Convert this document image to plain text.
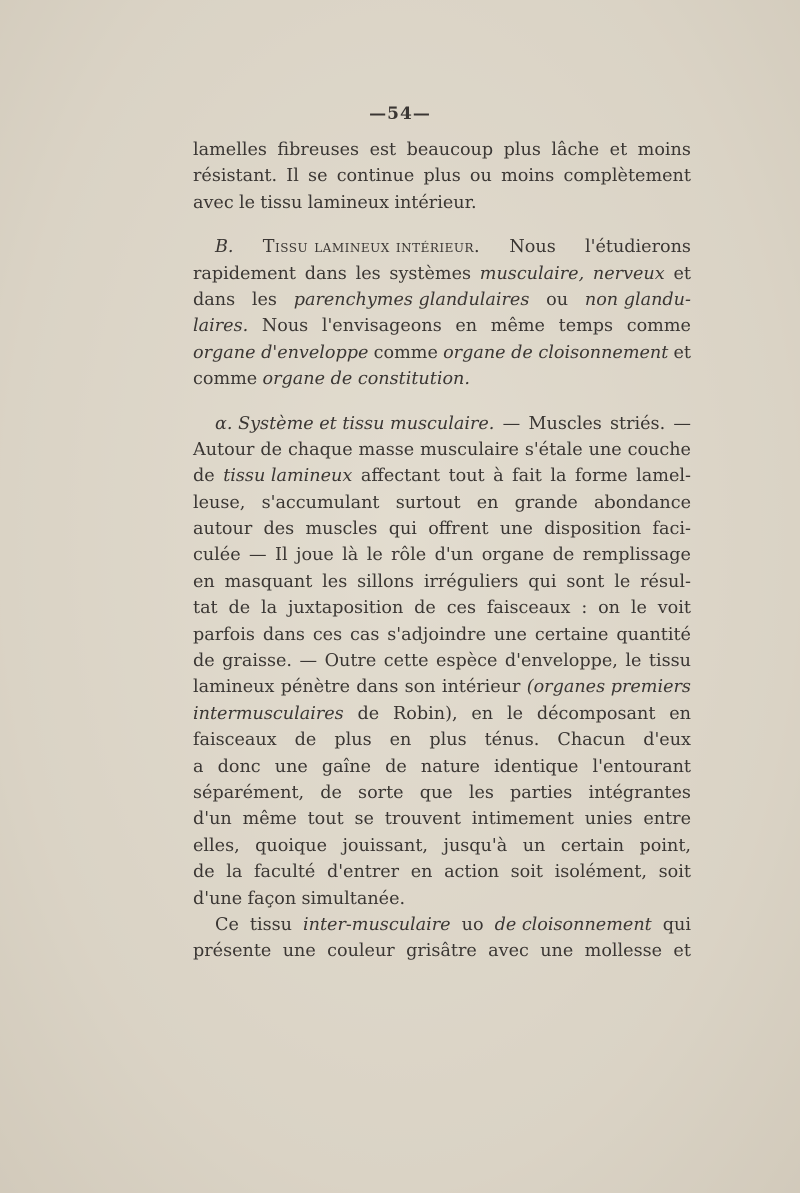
—54—
lamelles fibreuses est beaucoup plus lâche et moins
résistant. Il se continue plus ou moins complètement
avec le tissu lamineux intérieur.
B. Tissu lamineux intérieur. Nous l'étudierons
rapidement dans les systèmes musculaire, nerveux et
dans les parenchymes glandulaires ou non glandu-
laires. Nous l'envisageons en même temps comme
organe d'enveloppe comme organe de cloisonnement et
comme organe de constitution.
α. Système et tissu musculaire. — Muscles striés. —
Autour de chaque masse musculaire s'étale une couche
de tissu lamineux affectant tout à fait la forme lamel-
leuse, s'accumulant surtout en grande abondance
autour des muscles qui offrent une disposition faci-
culée — Il joue là le rôle d'un organe de remplissage
en masquant les sillons irréguliers qui sont le résul-
tat de la juxtaposition de ces faisceaux : on le voit
parfois dans ces cas s'adjoindre une certaine quantité
de graisse. — Outre cette espèce d'enveloppe, le tissu
lamineux pénètre dans son intérieur (organes premiers
intermusculaires de Robin), en le décomposant en
faisceaux de plus en plus ténus. Chacun d'eux
a donc une gaîne de nature identique l'entourant
séparément, de sorte que les parties intégrantes
d'un même tout se trouvent intimement unies entre
elles, quoique jouissant, jusqu'à un certain point,
de la faculté d'entrer en action soit isolément, soit
d'une façon simultanée.
Ce tissu inter-musculaire uo de cloisonnement qui
présente une couleur grisâtre avec une mollesse et
